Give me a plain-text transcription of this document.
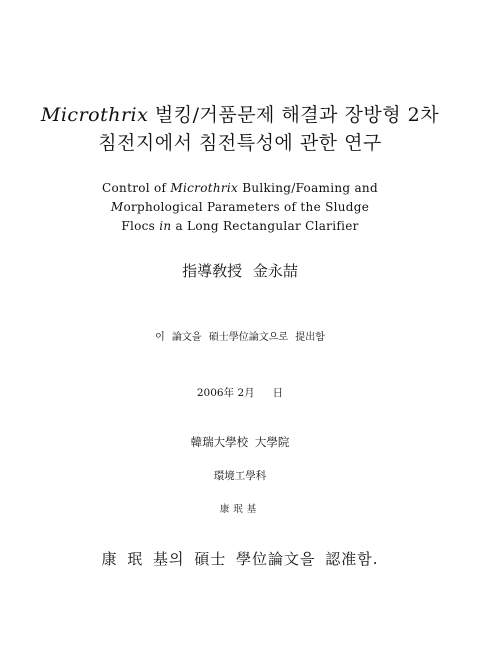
Microthrix 벌킹/거품문제 해결과 장방형 2차
침전지에서 침전특성에 관한 연구
Control of Microthrix Bulking/Foaming and
Morphological Parameters of the Sludge
Flocs in a Long Rectangular Clarifier
指導敎授 金永喆
이 論文을 碩士學位論文으로 提出함
2006年 2月 日
韓瑞大學校 大學院
環境工學科
康珉基
康 珉 基의 碩士 學位論文을 認准함.
